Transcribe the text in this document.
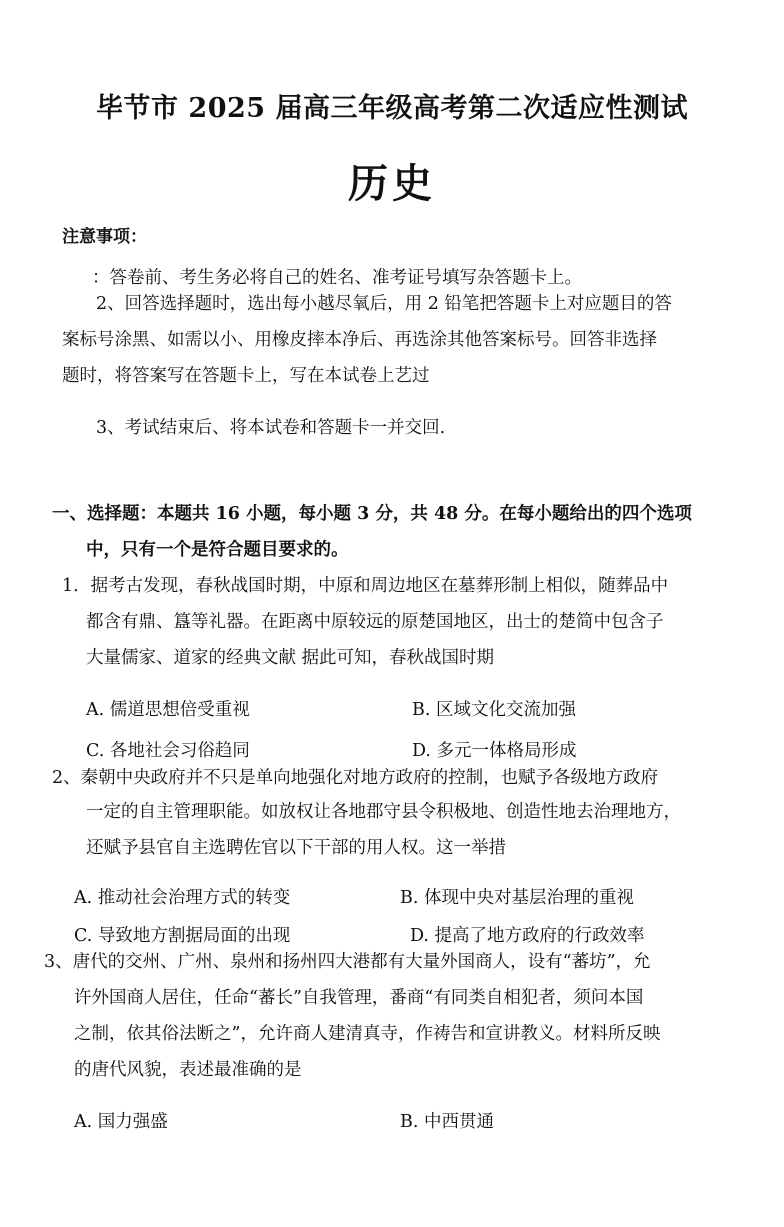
毕节市 2025 届高三年级高考第二次适应性测试
历史
注意事项：
：答卷前、考生务必将自己的姓名、准考证号填写杂答题卡上。
2、回答选择题时，选出每小越尽氧后，用 2 铅笔把答题卡上对应题目的答
案标号涂黑、如需以小、用橡皮摔本净后、再选涂其他答案标号。回答非选择
题时，将答案写在答题卡上，写在本试卷上艺过
3、考试结束后、将本试卷和答题卡一并交回.
一、选择题：本题共 16 小题，每小题 3 分，共 48 分。在每小题给出的四个选项
中，只有一个是符合题目要求的。
1．据考古发现，春秋战国时期，中原和周边地区在墓葬形制上相似，随葬品中
都含有鼎、簋等礼器。在距离中原较远的原楚国地区，出士的楚简中包含子
大量儒家、道家的经典文献 据此可知，春秋战国时期
A. 儒道思想倍受重视	B. 区域文化交流加强
C. 各地社会习俗趋同	D. 多元一体格局形成
2、秦朝中央政府并不只是单向地强化对地方政府的控制，也赋予各级地方政府
一定的自主管理职能。如放权让各地郡守县令积极地、创造性地去治理地方，
还赋予县官自主选聘佐官以下干部的用人权。这一举措
A. 推动社会治理方式的转变	B. 体现中央对基层治理的重视
C. 导致地方割据局面的出现	D. 提高了地方政府的行政效率
3、唐代的交州、广州、泉州和扬州四大港都有大量外国商人，设有“蕃坊”，允
许外国商人居住，任命“蕃长”自我管理，番商“有同类自相犯者，须问本国
之制，依其俗法断之”，允许商人建清真寺，作祷告和宣讲教义。材料所反映
的唐代风貌，表述最准确的是
A. 国力强盛	B. 中西贯通
